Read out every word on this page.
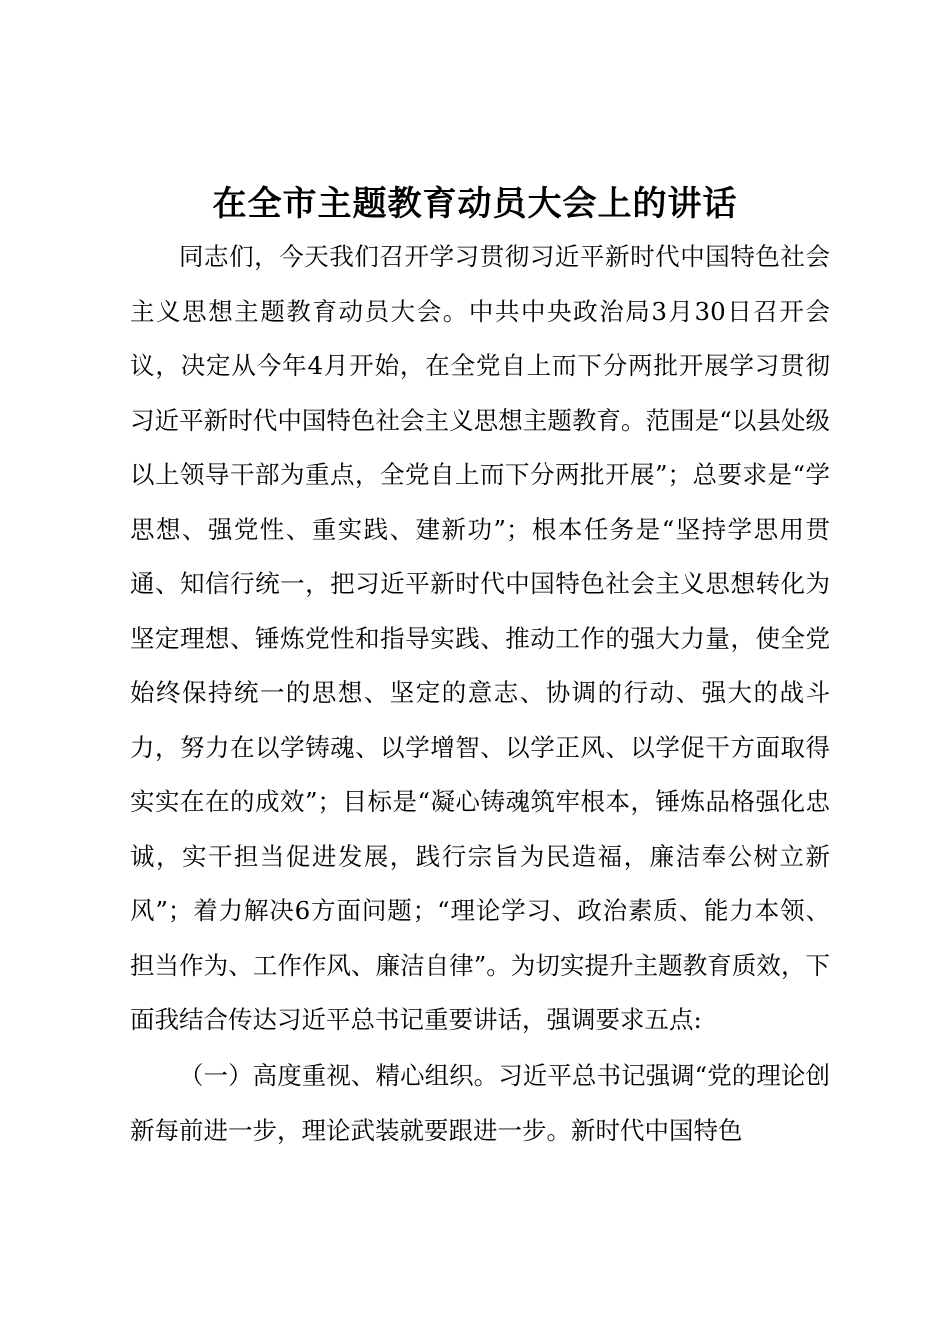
在全市主题教育动员大会上的讲话

同志们，今天我们召开学习贯彻习近平新时代中国特色社会主义思想主题教育动员大会。中共中央政治局3月30日召开会议，决定从今年4月开始，在全党自上而下分两批开展学习贯彻习近平新时代中国特色社会主义思想主题教育。范围是“以县处级以上领导干部为重点，全党自上而下分两批开展”；总要求是“学思想、强党性、重实践、建新功”；根本任务是“坚持学思用贯通、知信行统一，把习近平新时代中国特色社会主义思想转化为坚定理想、锤炼党性和指导实践、推动工作的强大力量，使全党始终保持统一的思想、坚定的意志、协调的行动、强大的战斗力，努力在以学铸魂、以学增智、以学正风、以学促干方面取得实实在在的成效”；目标是“凝心铸魂筑牢根本，锤炼品格强化忠诚，实干担当促进发展，践行宗旨为民造福，廉洁奉公树立新风”；着力解决6方面问题；“理论学习、政治素质、能力本领、担当作为、工作作风、廉洁自律”。为切实提升主题教育质效，下面我结合传达习近平总书记重要讲话，强调要求五点:

（一）高度重视、精心组织。习近平总书记强调“党的理论创新每前进一步，理论武装就要跟进一步。新时代中国特色
